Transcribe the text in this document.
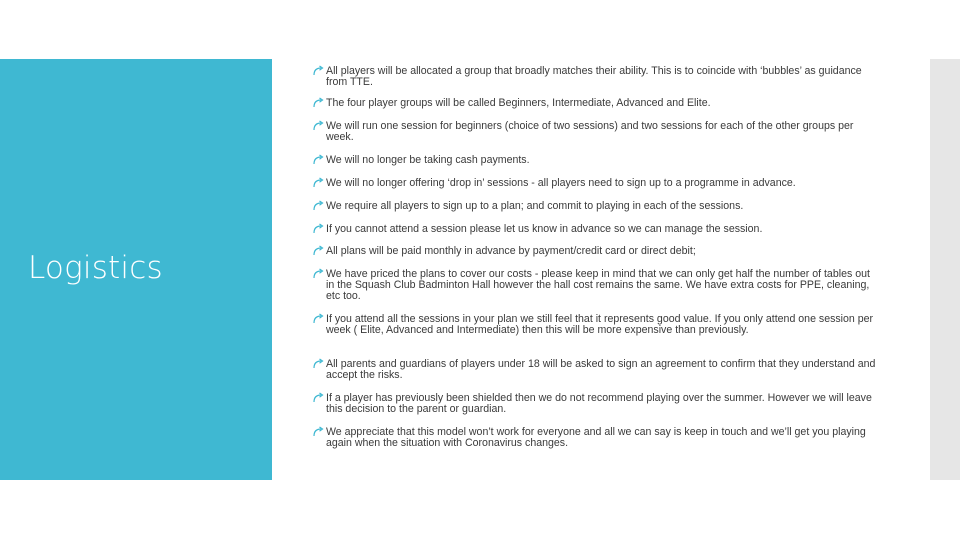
Logistics
All players will be allocated a group that broadly matches their ability. This is to coincide with ‘bubbles’ as guidance from TTE.
The four player groups will be called Beginners, Intermediate, Advanced and Elite.
We will run one session for beginners (choice of two sessions) and two sessions for each of the other groups per week.
We will no longer be taking cash payments.
We will no longer offering ‘drop in’ sessions - all players need to sign up to a programme in advance.
We require all players to sign up to a plan; and commit to playing in each of the sessions.
If you cannot attend a session please let us know in advance so we can manage the session.
All plans will be paid monthly in advance by payment/credit card or direct debit;
We have priced the plans to cover our costs - please keep in mind that we can only get half the number of tables out in the Squash Club Badminton Hall however the hall cost remains the same. We have extra costs for PPE, cleaning, etc too.
If you attend all the sessions in your plan we still feel that it represents good value. If you only attend one session per week ( Elite, Advanced and Intermediate) then this will be more expensive than previously.
All parents and guardians of players under 18 will be asked to sign an agreement to confirm that they understand and accept the risks.
If a player has previously been shielded then we do not recommend playing over the summer. However we will leave this decision to the parent or guardian.
We appreciate that this model won’t work for everyone and all we can say is keep in touch and we’ll get you playing again when the situation with Coronavirus changes.
